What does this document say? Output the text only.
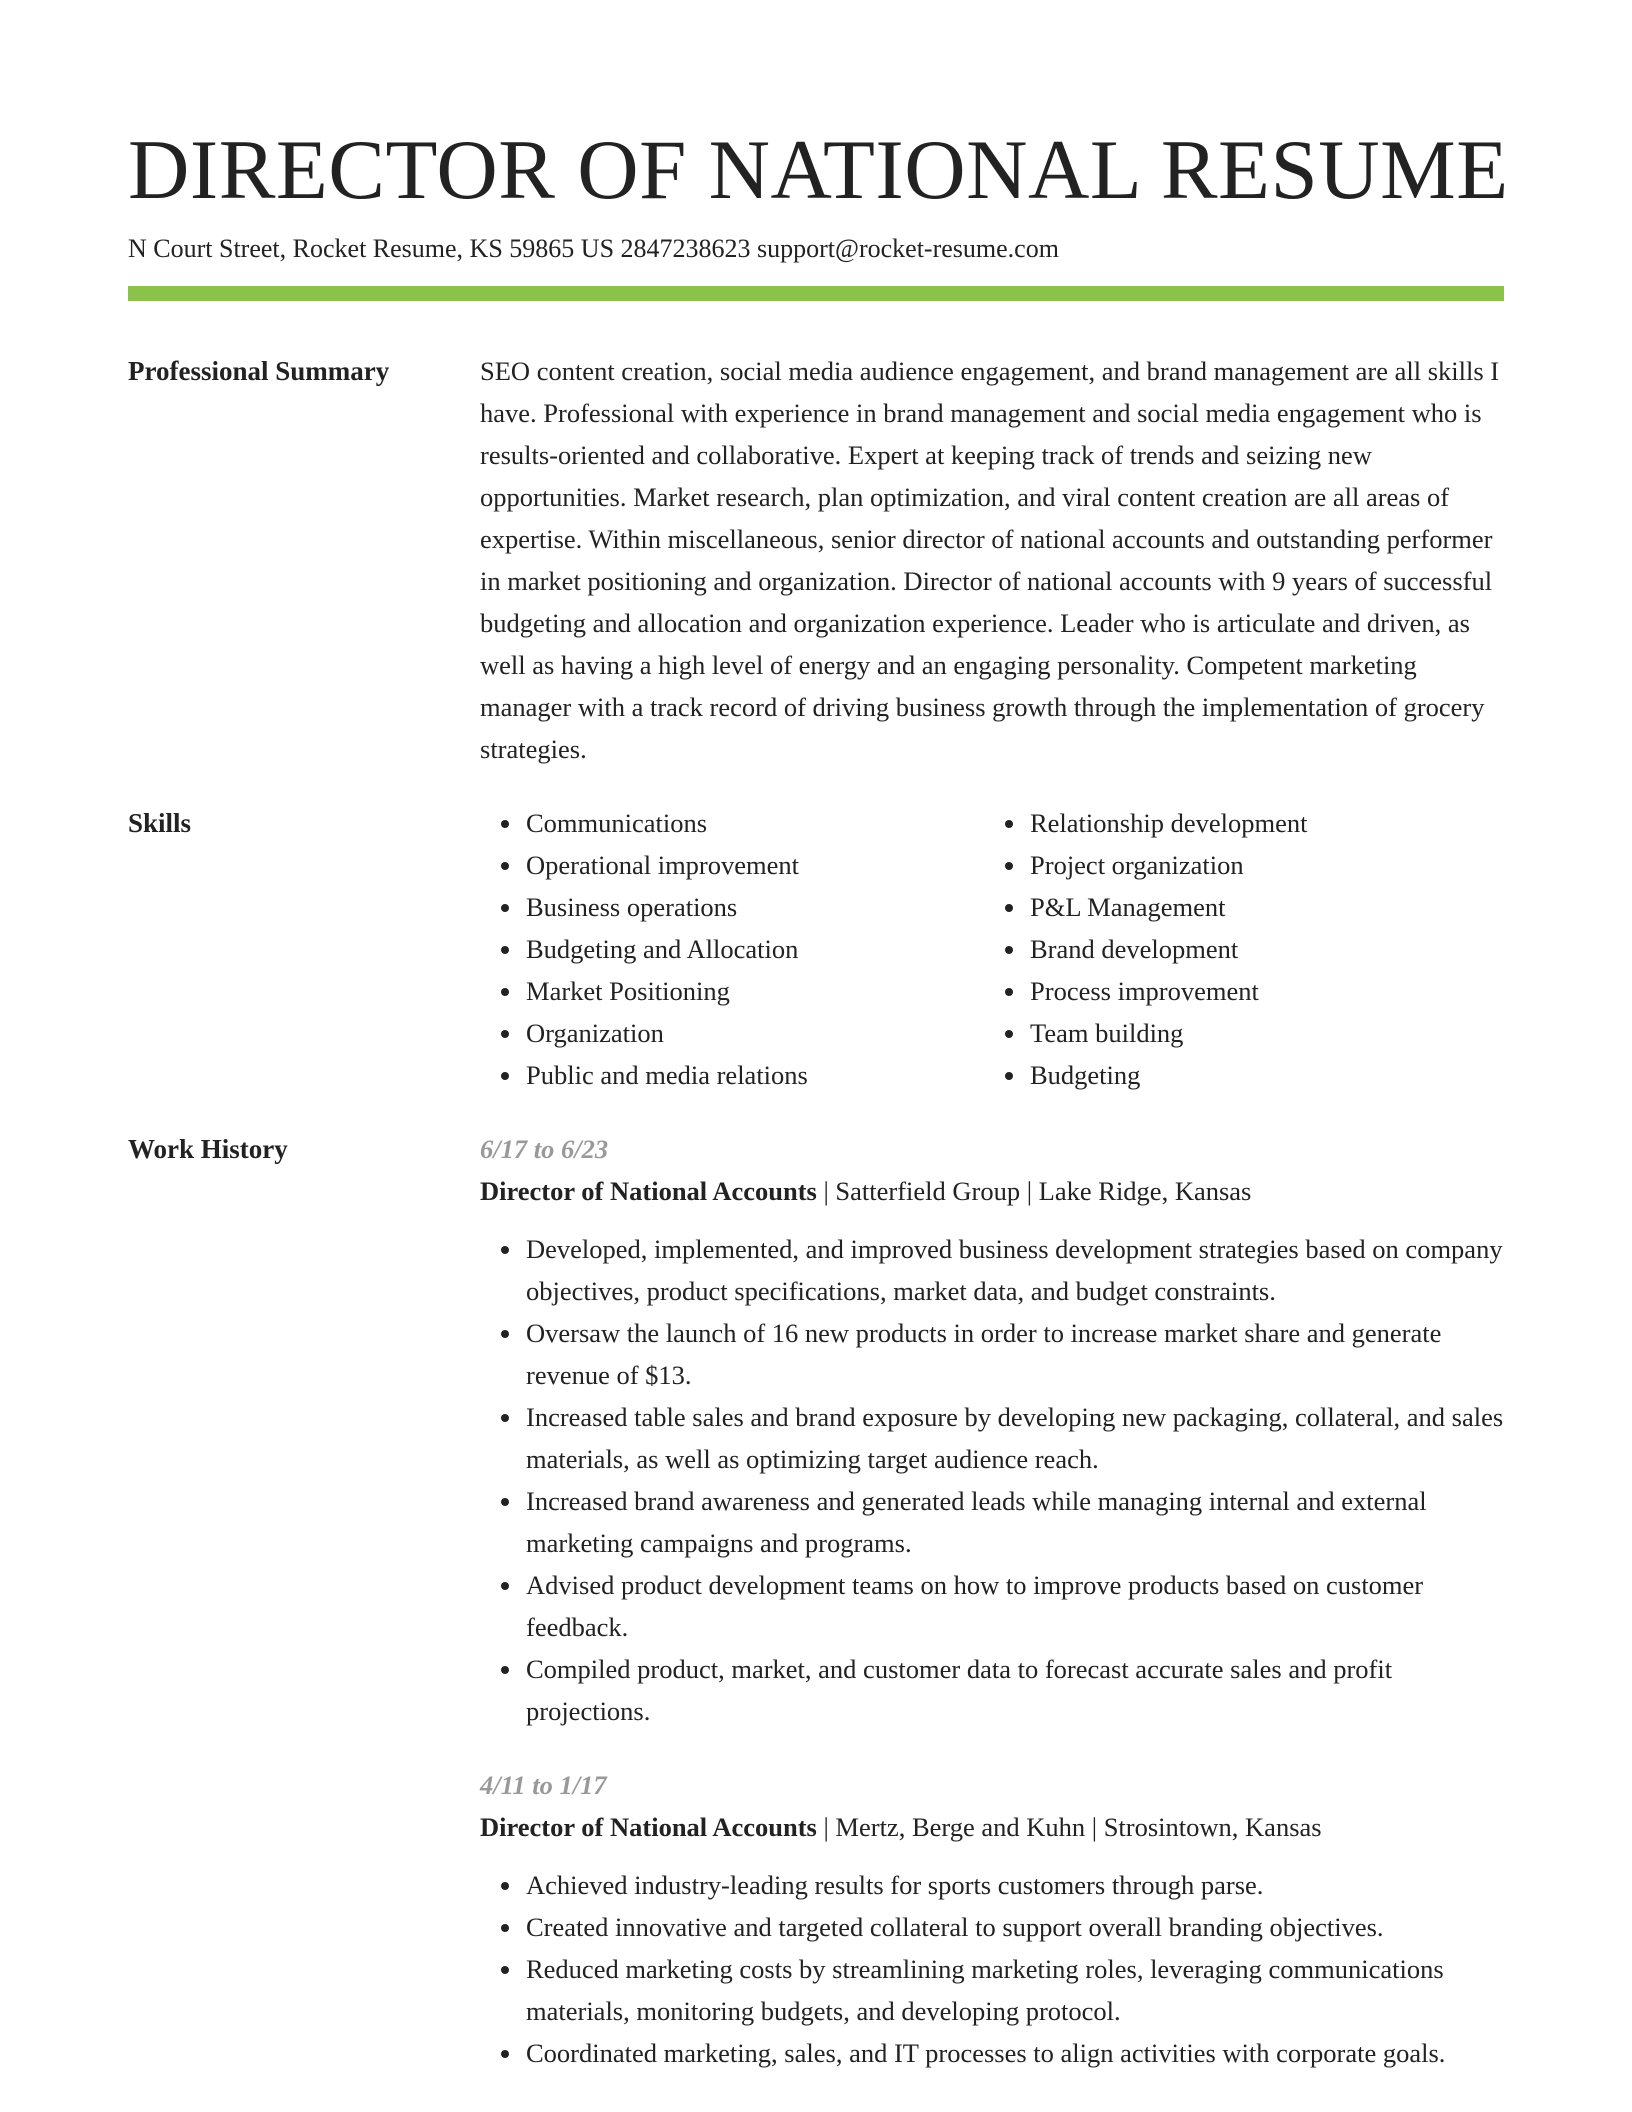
DIRECTOR OF NATIONAL RESUME
N Court Street, Rocket Resume, KS 59865 US 2847238623 support@rocket-resume.com
Professional Summary	SEO content creation, social media audience engagement, and brand management are all skills I have. Professional with experience in brand management and social media engagement who is results-oriented and collaborative. Expert at keeping track of trends and seizing new opportunities. Market research, plan optimization, and viral content creation are all areas of expertise. Within miscellaneous, senior director of national accounts and outstanding performer in market positioning and organization. Director of national accounts with 9 years of successful budgeting and allocation and organization experience. Leader who is articulate and driven, as well as having a high level of energy and an engaging personality. Competent marketing manager with a track record of driving business growth through the implementation of grocery strategies.

Skills
•	Communications
• Operational improvement
• Business operations
• Budgeting and Allocation
• Market Positioning
• Organization
• Public and media relations
• Relationship development
• Project organization
• P&L Management
• Brand development
• Process improvement
• Team building
• Budgeting
Work History	6/17 to 6/23
Director of National Accounts | Satterfield Group | Lake Ridge, Kansas
• Developed, implemented, and improved business development strategies based on company objectives, product specifications, market data, and budget constraints.
• Oversaw the launch of 16 new products in order to increase market share and generate revenue of $13.
• Increased table sales and brand exposure by developing new packaging, collateral, and sales materials, as well as optimizing target audience reach.
• Increased brand awareness and generated leads while managing internal and external marketing campaigns and programs.
• Advised product development teams on how to improve products based on customer feedback.
• Compiled product, market, and customer data to forecast accurate sales and profit projections.
4/11 to 1/17
Director of National Accounts | Mertz, Berge and Kuhn | Strosintown, Kansas
• Achieved industry-leading results for sports customers through parse.
• Created innovative and targeted collateral to support overall branding objectives.
• Reduced marketing costs by streamlining marketing roles, leveraging communications materials, monitoring budgets, and developing protocol.
• Coordinated marketing, sales, and IT processes to align activities with corporate goals.
